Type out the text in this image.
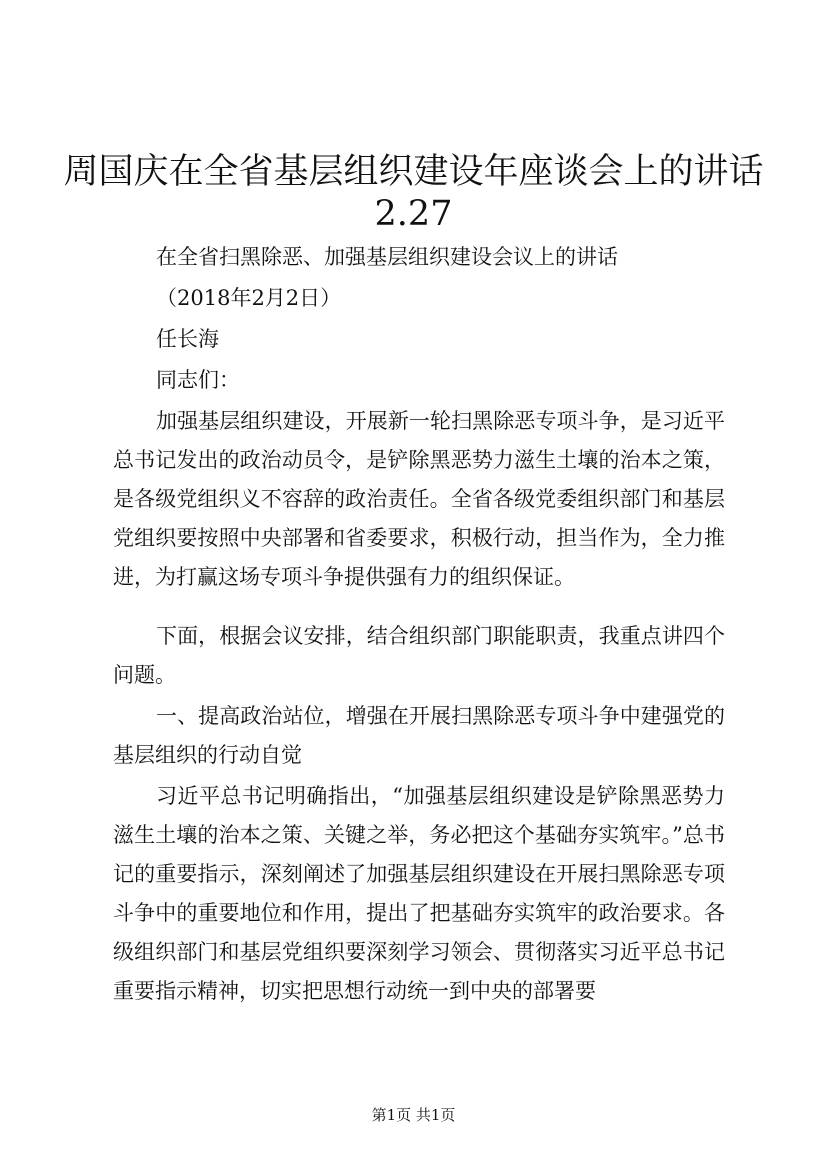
周国庆在全省基层组织建设年座谈会上的讲话
2.27

在全省扫黑除恶、加强基层组织建设会议上的讲话

（2018年2月2日）

任长海

同志们：

加强基层组织建设，开展新一轮扫黑除恶专项斗争，是习近平总书记发出的政治动员令，是铲除黑恶势力滋生土壤的治本之策，是各级党组织义不容辞的政治责任。全省各级党委组织部门和基层党组织要按照中央部署和省委要求，积极行动，担当作为，全力推进，为打赢这场专项斗争提供强有力的组织保证。

下面，根据会议安排，结合组织部门职能职责，我重点讲四个问题。

一、提高政治站位，增强在开展扫黑除恶专项斗争中建强党的基层组织的行动自觉

习近平总书记明确指出，“加强基层组织建设是铲除黑恶势力滋生土壤的治本之策、关键之举，务必把这个基础夯实筑牢。”总书记的重要指示，深刻阐述了加强基层组织建设在开展扫黑除恶专项斗争中的重要地位和作用，提出了把基础夯实筑牢的政治要求。各级组织部门和基层党组织要深刻学习领会、贯彻落实习近平总书记重要指示精神，切实把思想行动统一到中央的部署要

第1页 共1页
